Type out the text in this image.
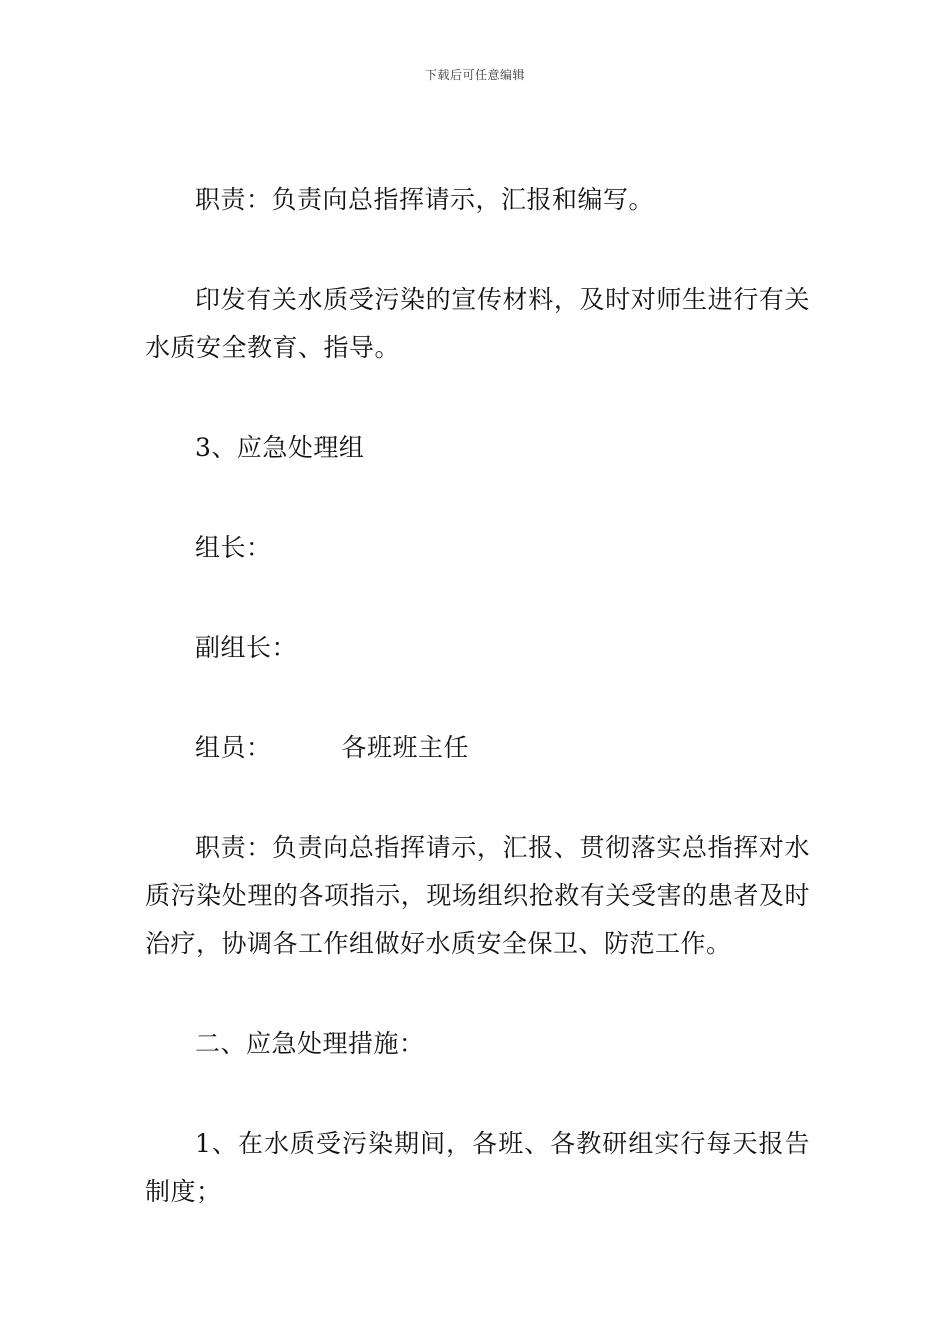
下载后可任意编辑

职责：负责向总指挥请示，汇报和编写。

印发有关水质受污染的宣传材料，及时对师生进行有关水质安全教育、指导。

3、应急处理组

组长：

副组长：

组员：	各班班主任

职责：负责向总指挥请示，汇报、贯彻落实总指挥对水质污染处理的各项指示，现场组织抢救有关受害的患者及时治疗，协调各工作组做好水质安全保卫、防范工作。

二、应急处理措施：

1、在水质受污染期间，各班、各教研组实行每天报告制度；
